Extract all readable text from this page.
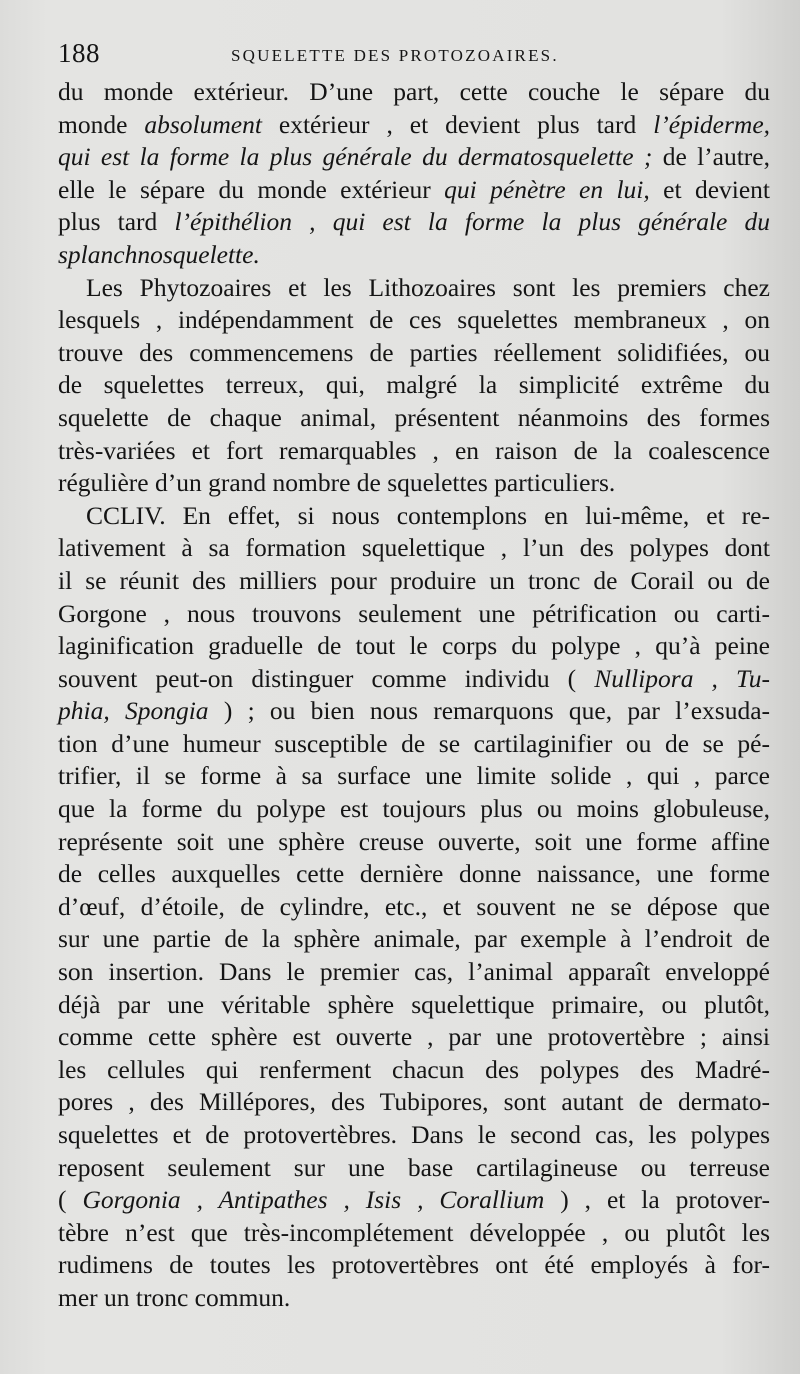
188	SQUELETTE DES PROTOZOAIRES.
du monde extérieur. D’une part, cette couche le sépare du
monde absolument extérieur , et devient plus tard l’épiderme,
qui est la forme la plus générale du dermatosquelette ; de l’autre,
elle le sépare du monde extérieur qui pénètre en lui, et devient
plus tard l’épithélion , qui est la forme la plus générale du
splanchnosquelette.
Les Phytozoaires et les Lithozoaires sont les premiers chez
lesquels , indépendamment de ces squelettes membraneux , on
trouve des commencemens de parties réellement solidifiées, ou
de squelettes terreux, qui, malgré la simplicité extrême du
squelette de chaque animal, présentent néanmoins des formes
très-variées et fort remarquables , en raison de la coalescence
régulière d’un grand nombre de squelettes particuliers.
CCLIV. En effet, si nous contemplons en lui-même, et re-
lativement à sa formation squelettique , l’un des polypes dont
il se réunit des milliers pour produire un tronc de Corail ou de
Gorgone , nous trouvons seulement une pétrification ou carti-
laginification graduelle de tout le corps du polype , qu’à peine
souvent peut-on distinguer comme individu ( Nullipora , Tu-
phia, Spongia ) ; ou bien nous remarquons que, par l’exsuda-
tion d’une humeur susceptible de se cartilaginifier ou de se pé-
trifier, il se forme à sa surface une limite solide , qui , parce
que la forme du polype est toujours plus ou moins globuleuse,
représente soit une sphère creuse ouverte, soit une forme affine
de celles auxquelles cette dernière donne naissance, une forme
d’œuf, d’étoile, de cylindre, etc., et souvent ne se dépose que
sur une partie de la sphère animale, par exemple à l’endroit de
son insertion. Dans le premier cas, l’animal apparaît enveloppé
déjà par une véritable sphère squelettique primaire, ou plutôt,
comme cette sphère est ouverte , par une protovertèbre ; ainsi
les cellules qui renferment chacun des polypes des Madré-
pores , des Millépores, des Tubipores, sont autant de dermato-
squelettes et de protovertèbres. Dans le second cas, les polypes
reposent seulement sur une base cartilagineuse ou terreuse
( Gorgonia , Antipathes , Isis , Corallium ) , et la protover-
tèbre n’est que très-incomplétement développée , ou plutôt les
rudimens de toutes les protovertèbres ont été employés à for-
mer un tronc commun.
